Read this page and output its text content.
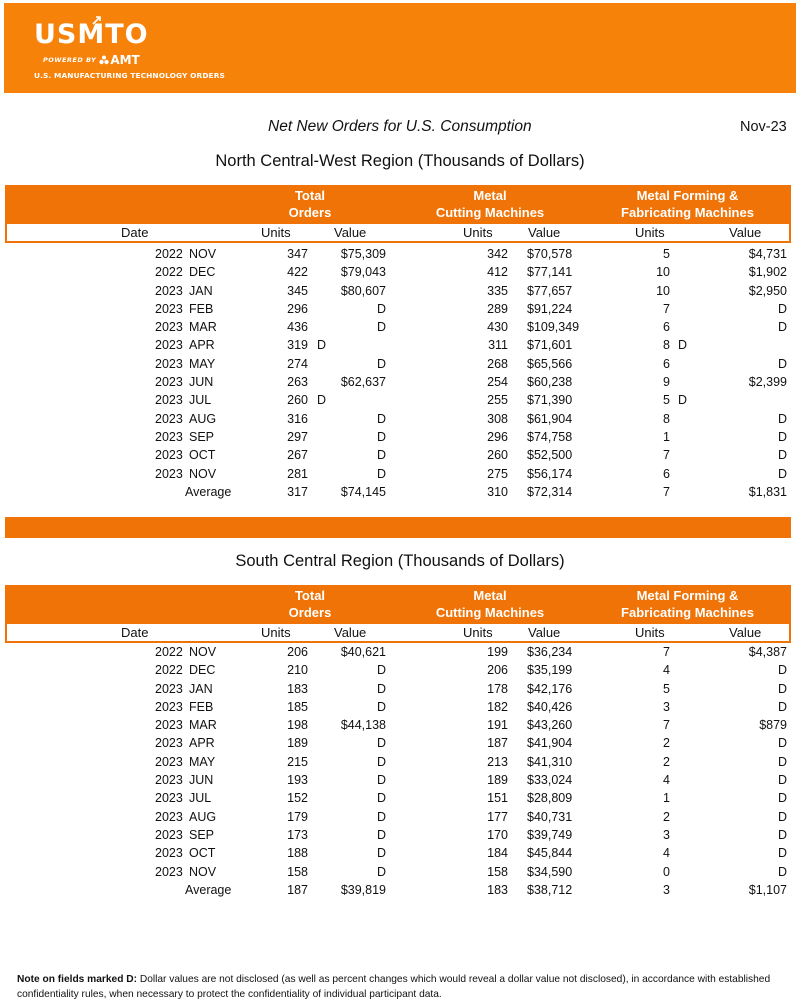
USMTO
POWERED BY AMT
U.S. MANUFACTURING TECHNOLOGY ORDERS
Net New Orders for U.S. Consumption	Nov-23
North Central-West Region (Thousands of Dollars)
Total
Orders
Metal
Cutting Machines
Metal Forming &
Fabricating Machines
Date	Units	Value	Units	Value	Units	Value
2022 NOV	347	$75,309	342 $70,578	5	$4,731
2022 DEC	422	$79,043	412 $77,141	10	$1,902
2023 JAN	345	$80,607	335 $77,657	10	$2,950
2023 FEB	296	D	289 $91,224	7	D
2023 MAR	436	D	430 $109,349	6	D
2023 APR	319 D	311 $71,601	8 D
2023 MAY	274	D	268 $65,566	6	D
2023 JUN	263	$62,637	254 $60,238	9	$2,399
2023 JUL	260 D	255 $71,390	5 D
2023 AUG	316	D	308 $61,904	8	D
2023 SEP	297	D	296 $74,758	1	D
2023 OCT	267	D	260 $52,500	7	D
2023 NOV	281	D	275 $56,174	6	D
Average	317	$74,145	310 $72,314	7	$1,831
South Central Region (Thousands of Dollars)
Total
Orders
Metal
Cutting Machines
Metal Forming &
Fabricating Machines
Date	Units	Value	Units	Value	Units	Value
2022 NOV	206	$40,621	199 $36,234	7	$4,387
2022 DEC	210	D	206 $35,199	4	D
2023 JAN	183	D	178 $42,176	5	D
2023 FEB	185	D	182 $40,426	3	D
2023 MAR	198	$44,138	191 $43,260	7	$879
2023 APR	189	D	187 $41,904	2	D
2023 MAY	215	D	213 $41,310	2	D
2023 JUN	193	D	189 $33,024	4	D
2023 JUL	152	D	151 $28,809	1	D
2023 AUG	179	D	177 $40,731	2	D
2023 SEP	173	D	170 $39,749	3	D
2023 OCT	188	D	184 $45,844	4	D
2023 NOV	158	D	158 $34,590	0	D
Average	187	$39,819	183 $38,712	3	$1,107
Note on fields marked D: Dollar values are not disclosed (as well as percent changes which would reveal a dollar value not disclosed), in accordance with established confidentiality rules, when necessary to protect the confidentiality of individual participant data.
